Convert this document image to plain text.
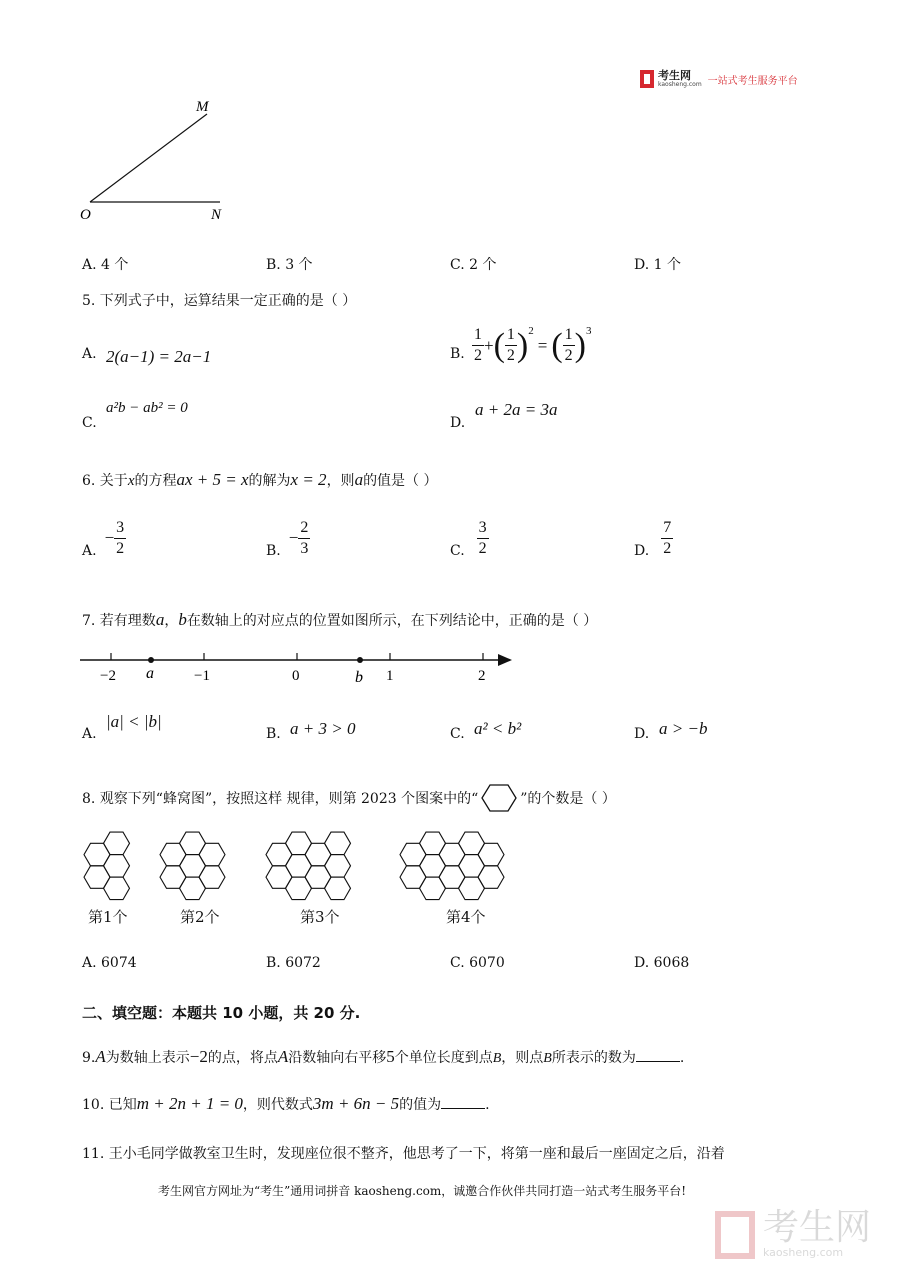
考生网
kaosheng.com 一站式考生服务平台
M
O	N
A. 4 个	B. 3 个	C. 2 个	D. 1 个
5. 下列式子中，运算结果一定正确的是（ ）
A. 2(a−1) = 2a−1	B. $\frac{1}{2}$ + ( $\frac{1}{2}$ ) 2
= ( $\frac{1}{2}$ ) 3
C.
a²b − ab² = 0
D.
a + 2a = 3a
6. 关于 x 的方程 ax + 5 = x 的解为 x = 2 ，则 a 的值是（ ）
A.
− $\frac{3}{2}$	B.
− $\frac{2}{3}$	C. $\frac{3}{2}$	D. $\frac{7}{2}$
7. 若有理数 a ， b 在数轴上的对应点的位置如图所示，在下列结论中，正确的是（ ）
−2 a	−1	0	b 1	2
A.
|a| < |b|
B. a + 3 > 0	C. a² < b²	D. a > −b
8. 观察下列“蜂窝图”，按照这样 规律，则第 2023 个图案中的“	”的个数是（ ）
第1个	第2个	第3个	第4个
A. 6074	B. 6072	C. 6070	D. 6068
二、填空题：本题共 10 小题，共 20 分.
9. A 为数轴上表示 −2 的点，将点 A 沿数轴向右平移 5 个单位长度到点 B ，则点 B 所表示的数为	.
10. 已知 m + 2n + 1 = 0 ，则代数式 3m + 6n − 5 的值为	.
11. 王小毛同学做教室卫生时，发现座位很不整齐，他思考了一下，将第一座和最后一座固定之后，沿着
考生网官方网址为“考生”通用词拼音 kaosheng.com，诚邀合作伙伴共同打造一站式考生服务平台!
考生网
kaosheng.com
